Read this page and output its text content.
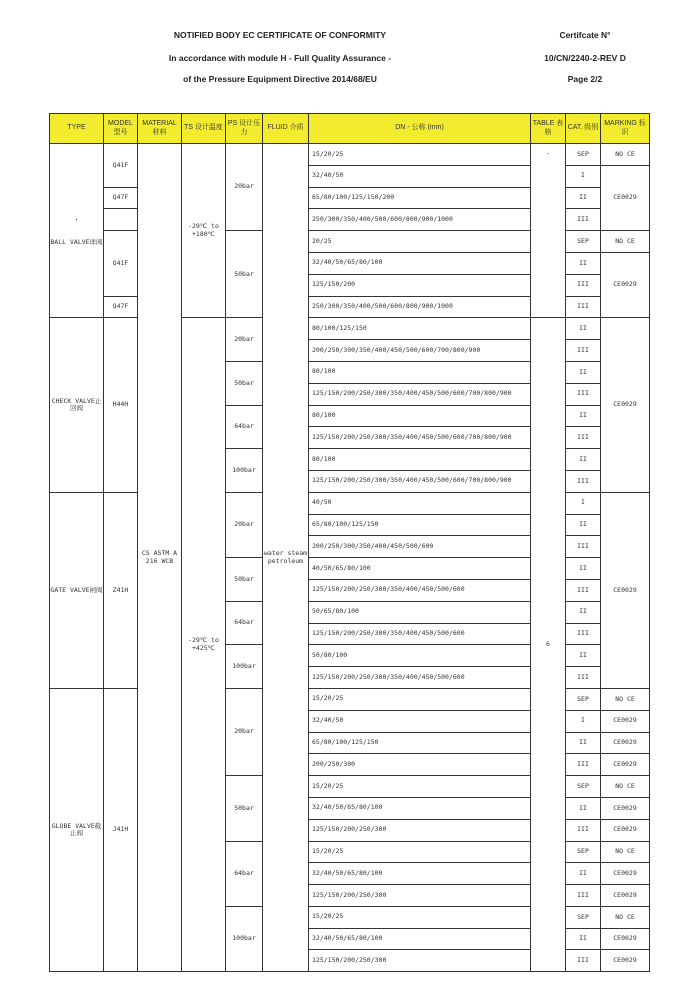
NOTIFIED BODY EC CERTIFICATE OF CONFORMITY
In accordance with module H - Full Quality Assurance -
of the Pressure Equipment Directive 2014/68/EU
Certifcate N°
10/CN/2240-2-REV D
Page 2/2
TYPE	MODEL 型号	MATERIAL 材料	TS 设计温度	PS 设计压力	FLUID 介质	DN - 公称 (mm)	TABLE 表格	CAT. 级别	MARKING 标识

·

BALL VALVE球阀	Q41F	CS ASTM A 216 WCB	-29℃ to +180℃	20bar	water steam petroleum	15/20/25	-	SEP	NO CE
						32/40/50		I	CE0029
	Q47F					65/80/100/125/150/200		II	
						250/300/350/400/500/600/800/900/1000		III	
	Q41F			50bar		20/25		SEP	NO CE
						32/40/50/65/80/100		II	CE0029
						125/150/200		III	
	Q47F					250/300/350/400/500/600/800/900/1000		III	
CHECK VALVE止回阀	H44H		-29℃ to +425℃	20bar		80/100/125/150	6	II	CE0029
						200/250/300/350/400/450/500/600/700/800/900		III	
				50bar		80/100		II	
						125/150/200/250/300/350/400/450/500/600/700/800/900		III	
				64bar		80/100		II	
						125/150/200/250/300/350/400/450/500/600/700/800/900		III	
				100bar		80/100		II	
						125/150/200/250/300/350/400/450/500/600/700/800/900		III	
GATE VALVE闸阀	Z41H			20bar		40/50		I	CE0029
						65/80/100/125/150		II	
						200/250/300/350/400/450/500/600		III	
				50bar		40/50/65/80/100		II	
						125/150/200/250/300/350/400/450/500/600		III	
				64bar		50/65/80/100		II	
						125/150/200/250/300/350/400/450/500/600		III	
				100bar		50/80/100		II	
						125/150/200/250/300/350/400/450/500/600		III	
GLOBE VALVE截止阀	J41H			20bar		15/20/25		SEP	NO CE
						32/40/50		I	CE0029
						65/80/100/125/150		II	CE0029
						200/250/300		III	CE0029
				50bar		15/20/25		SEP	NO CE
						32/40/50/65/80/100		II	CE0029
						125/150/200/250/300		III	CE0029
				64bar		15/20/25		SEP	NO CE
						32/40/50/65/80/100		II	CE0029
						125/150/200/250/300		III	CE0029
				100bar		15/20/25		SEP	NO CE
						32/40/50/65/80/100		II	CE0029
						125/150/200/250/300		III	CE0029
